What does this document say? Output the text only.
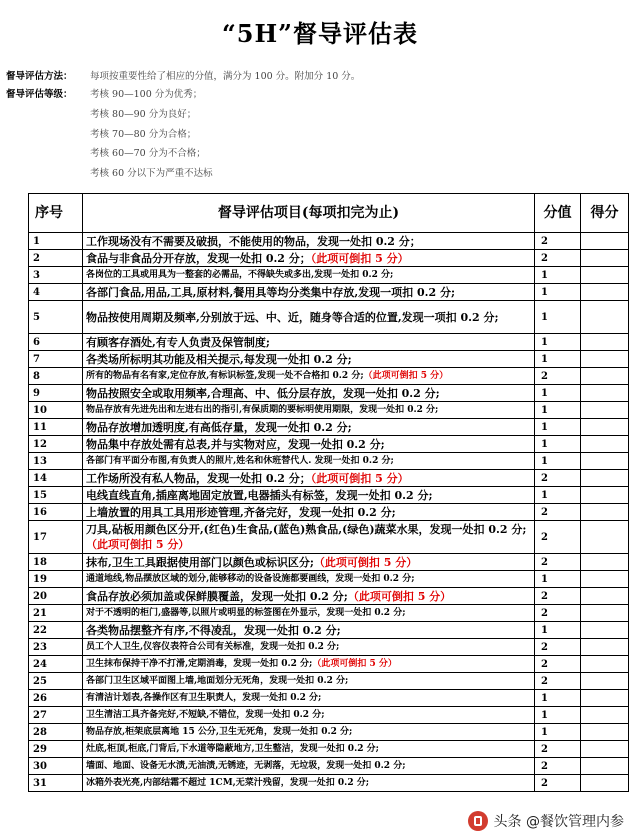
“5H”督导评估表
督导评估方法： 每项按重要性给了相应的分值，满分为 100 分。附加分 10 分。
督导评估等级： 考核 90—100 分为优秀；
考核 80—90 分为良好；
考核 70—80 分为合格；
考核 60—70 分为不合格；
考核 60 分以下为严重不达标
序号	督导评估项目(每项扣完为止)	分值	得分
1	工作现场没有不需要及破损，不能使用的物品，发现一处扣 0.2 分；	2	
2	食品与非食品分开存放，发现一处扣 0.2 分；（此项可倒扣 5 分）	2	
3	各岗位的工具或用具为一整套的必需品，不得缺失或多出,发现一处扣 0.2 分;	1	
4	各部门食品,用品,工具,原材料,餐用具等均分类集中存放,发现一项扣 0.2 分;	1	
5	物品按使用周期及频率,分别放于远、中、近，随身等合适的位置,发现一项扣 0.2 分;	1	
6	有顾客存酒处,有专人负责及保管制度;	1	
7	各类场所标明其功能及相关提示,每发现一处扣 0.2 分;	1	
8	所有的物品有名有家,定位存放,有标识标签,发现一处不合格扣 0.2 分;（此项可倒扣 5 分）	2	
9	物品按照安全或取用频率,合理高、中、低分层存放，发现一处扣 0.2 分;	1	
10	物品存放有先进先出和左进右出的指引,有保质期的要标明使用期限，发现一处扣 0.2 分;	1	
11	物品存放增加透明度,有高低存量，发现一处扣 0.2 分;	1	
12	物品集中存放处需有总表,并与实物对应，发现一处扣 0.2 分;	1	
13	各部门有平面分布图,有负责人的照片,姓名和休班替代人. 发现一处扣 0.2 分;	1	
14	工作场所没有私人物品，发现一处扣 0.2 分；（此项可倒扣 5 分）	2	
15	电线直线直角,插座离地固定放置,电器插头有标签，发现一处扣 0.2 分;	1	
16	上墙放置的用具工具用形迹管理,齐备完好，发现一处扣 0.2 分;	2	
17	刀具,砧板用颜色区分开,(红色)生食品,(蓝色)熟食品,(绿色)蔬菜水果，发现一处扣 0.2 分;（此项可倒扣 5 分）	2	
18	抹布,卫生工具跟据使用部门以颜色或标识区分;（此项可倒扣 5 分）	2	
19	通道地线,物品摆放区域的划分,能够移动的设备设施都要画线，发现一处扣 0.2 分;	1	
20	食品存放必须加盖或保鲜膜覆盖，发现一处扣 0.2 分;（此项可倒扣 5 分）	2	
21	对于不透明的柜门,盛器等,以照片或明显的标签图在外显示，发现一处扣 0.2 分;	2	
22	各类物品摆整齐有序,不得凌乱，发现一处扣 0.2 分;	1	
23	员工个人卫生,仪容仪表符合公司有关标准，发现一处扣 0.2 分;	2	
24	卫生抹布保持干净不打滑,定期消毒，发现一处扣 0.2 分;（此项可倒扣 5 分）	2	
25	各部门卫生区域平面图上墙,地面划分无死角，发现一处扣 0.2 分;	2	
26	有清洁计划表,各操作区有卫生职责人，发现一处扣 0.2 分;	1	
27	卫生清洁工具齐备完好,不短缺,不错位，发现一处扣 0.2 分;	1	
28	物品存放,柜架底层离地 15 公分,卫生无死角，发现一处扣 0.2 分;	1	
29	灶底,柜顶,柜底,门背后,下水道等隐蔽地方,卫生整洁，发现一处扣 0.2 分;	2	
30	墙面、地面、设备无水渍,无油渍,无锈迹，无剥落，无垃圾，发现一处扣 0.2 分;	2	
31	冰箱外表光亮,内部结霜不超过 1CM,无菜汁残留，发现一处扣 0.2 分;	2	
头条 @餐饮管理内参
